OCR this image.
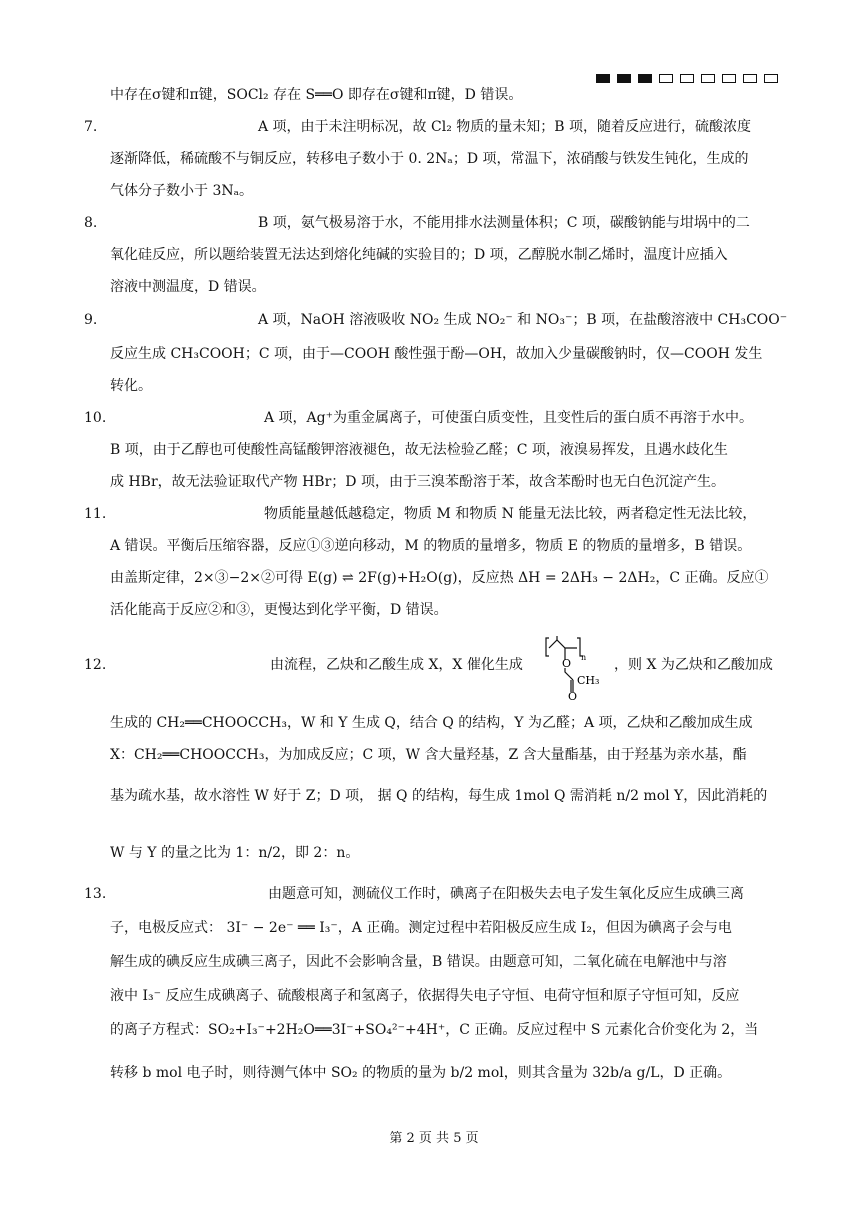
中存在σ键和π键，SOCl₂ 存在 S══O 即存在σ键和π键，D 错误。
7.	A 项，由于未注明标况，故 Cl₂ 物质的量未知；B 项，随着反应进行，硫酸浓度
逐渐降低，稀硫酸不与铜反应，转移电子数小于 0. 2Nₐ；D 项，常温下，浓硝酸与铁发生钝化，生成的
气体分子数小于 3Nₐ。
8.	B 项，氨气极易溶于水，不能用排水法测量体积；C 项，碳酸钠能与坩埚中的二
氧化硅反应，所以题给装置无法达到熔化纯碱的实验目的；D 项，乙醇脱水制乙烯时，温度计应插入
溶液中测温度，D 错误。
9.	A 项，NaOH 溶液吸收 NO₂ 生成 NO₂⁻ 和 NO₃⁻；B 项，在盐酸溶液中 CH₃COO⁻
反应生成 CH₃COOH；C 项，由于—COOH 酸性强于酚—OH，故加入少量碳酸钠时，仅—COOH 发生
转化。
10.	A 项，Ag⁺为重金属离子，可使蛋白质变性，且变性后的蛋白质不再溶于水中。
B 项，由于乙醇也可使酸性高锰酸钾溶液褪色，故无法检验乙醛；C 项，液溴易挥发，且遇水歧化生
成 HBr，故无法验证取代产物 HBr；D 项，由于三溴苯酚溶于苯，故含苯酚时也无白色沉淀产生。
11.	物质能量越低越稳定，物质 M 和物质 N 能量无法比较，两者稳定性无法比较，
A 错误。平衡后压缩容器，反应①③逆向移动，M 的物质的量增多，物质 E 的物质的量增多，B 错误。
由盖斯定律，2×③−2×②可得 E(g) ⇌ 2F(g)+H₂O(g)，反应热 ΔH = 2ΔH₃ − 2ΔH₂，C 正确。反应①
活化能高于反应②和③，更慢达到化学平衡，D 错误。
12.	由流程，乙炔和乙酸生成 X，X 催化生成	O
O
CH₃
n ，则 X 为乙炔和乙酸加成
生成的 CH₂══CHOOCCH₃，W 和 Y 生成 Q，结合 Q 的结构，Y 为乙醛；A 项，乙炔和乙酸加成生成
X：CH₂══CHOOCCH₃，为加成反应；C 项，W 含大量羟基，Z 含大量酯基，由于羟基为亲水基，酯
基为疏水基，故水溶性 W 好于 Z；D 项， 据 Q 的结构，每生成 1mol Q 需消耗 n/2 mol Y，因此消耗的
W 与 Y 的量之比为 1：n/2，即 2：n。
13.	由题意可知，测硫仪工作时，碘离子在阳极失去电子发生氧化反应生成碘三离
子，电极反应式： 3I⁻ − 2e⁻ ══ I₃⁻，A 正确。测定过程中若阳极反应生成 I₂，但因为碘离子会与电
解生成的碘反应生成碘三离子，因此不会影响含量，B 错误。由题意可知，二氧化硫在电解池中与溶
液中 I₃⁻ 反应生成碘离子、硫酸根离子和氢离子，依据得失电子守恒、电荷守恒和原子守恒可知，反应
的离子方程式：SO₂+I₃⁻+2H₂O══3I⁻+SO₄²⁻+4H⁺，C 正确。反应过程中 S 元素化合价变化为 2，当
转移 b mol 电子时，则待测气体中 SO₂ 的物质的量为 b/2 mol，则其含量为 32b/a g/L，D 正确。
第 2 页 共 5 页
